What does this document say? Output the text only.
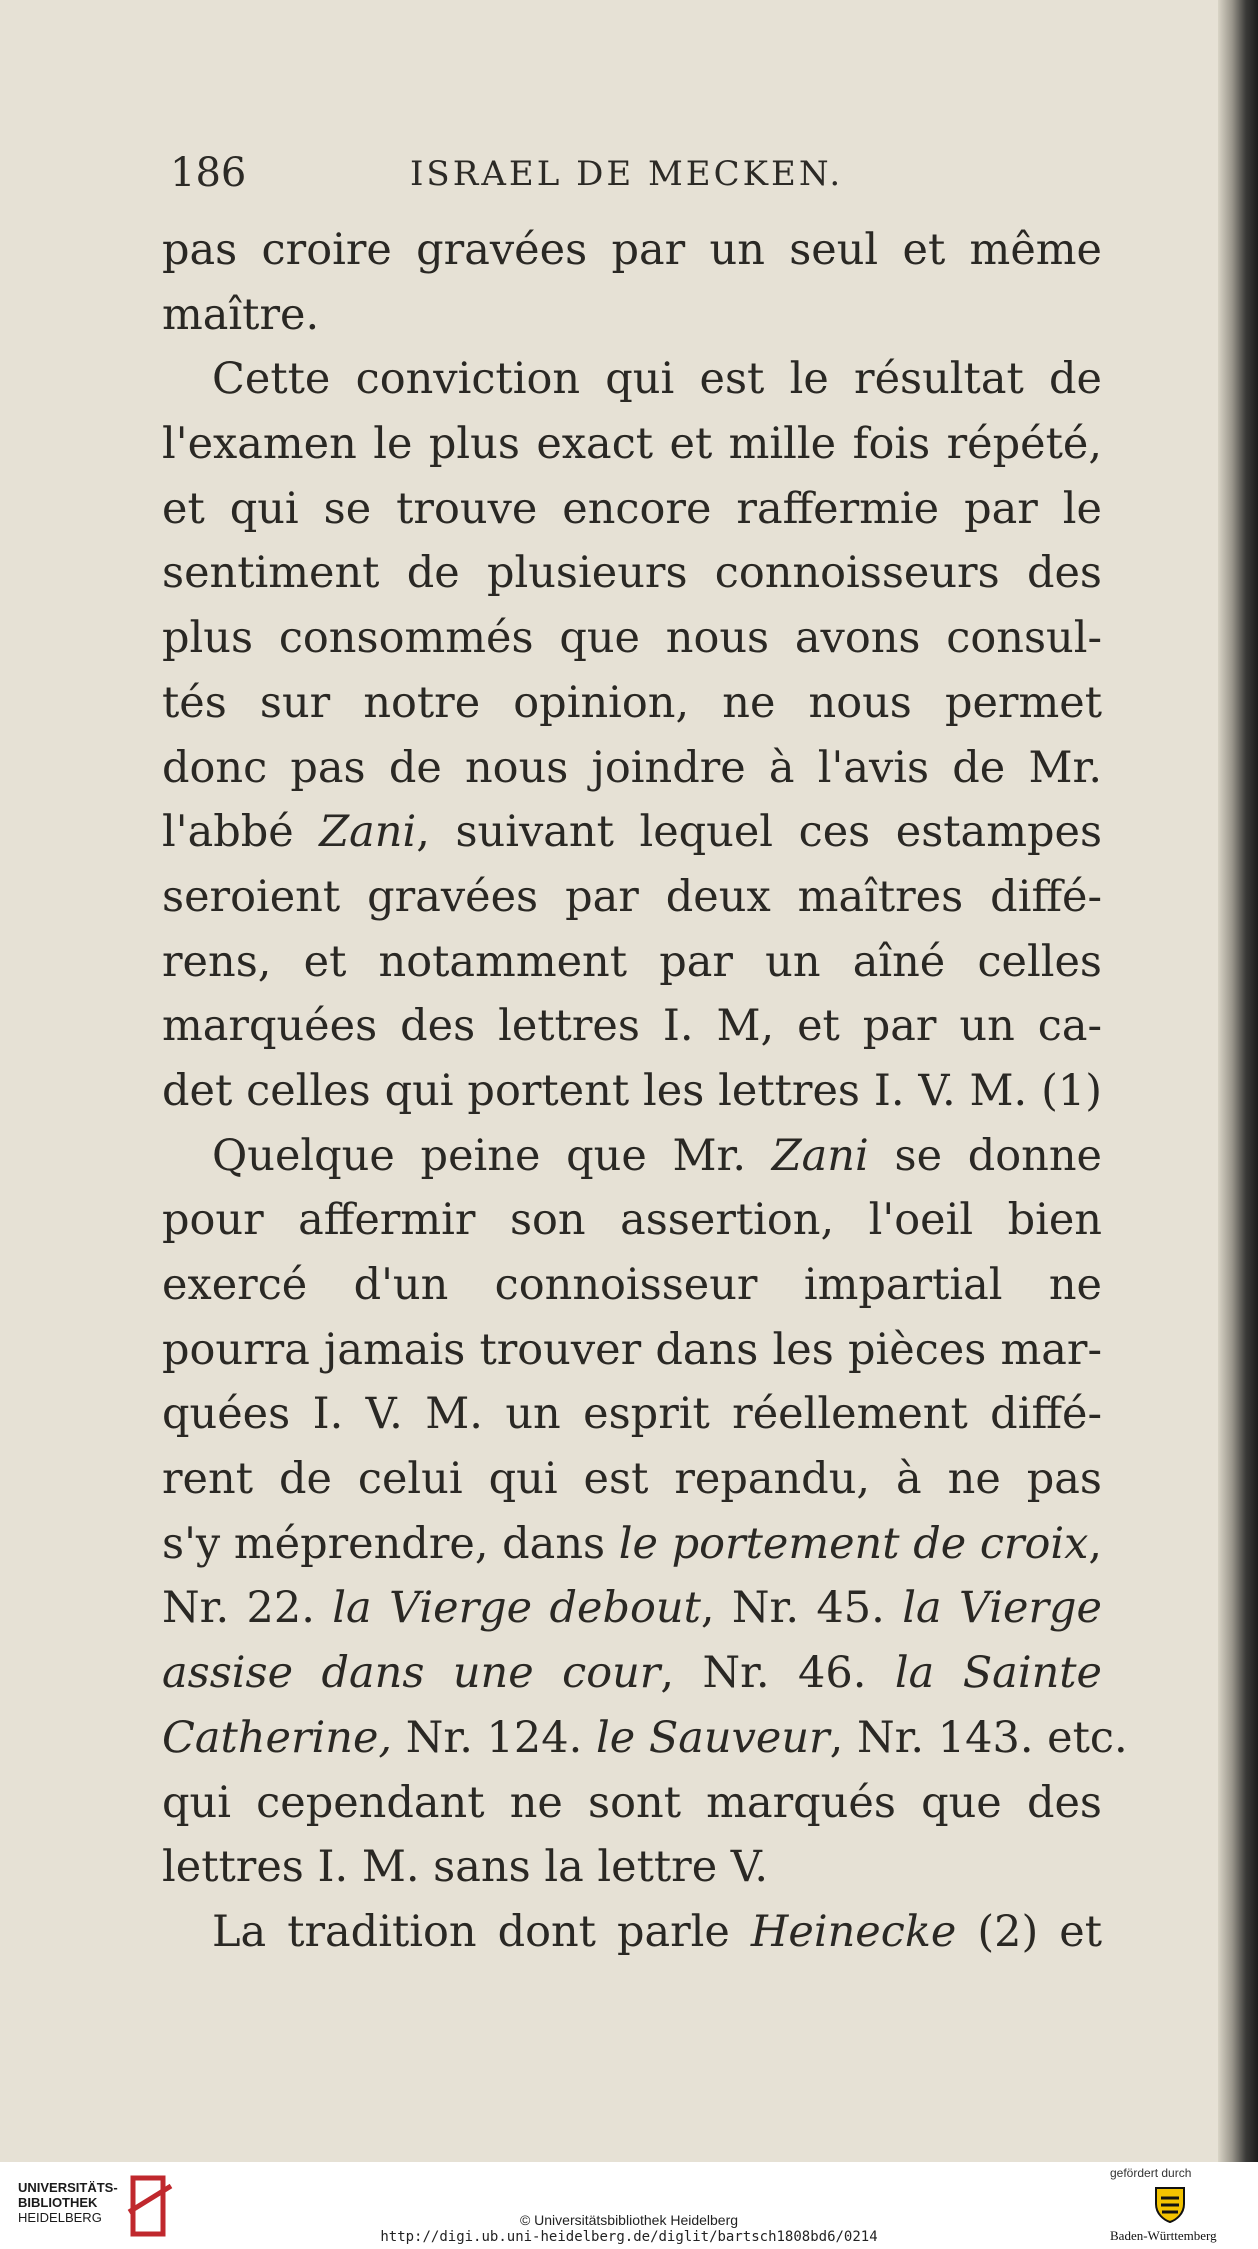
186	ISRAEL DE MECKEN.
pas croire gravées par un seul et même
maître.
Cette conviction qui est le résultat de
l'examen le plus exact et mille fois répété,
et qui se trouve encore raffermie par le
sentiment de plusieurs connoisseurs des
plus consommés que nous avons consul-
tés sur notre opinion, ne nous permet
donc pas de nous joindre à l'avis de Mr.
l'abbé Zani, suivant lequel ces estampes
seroient gravées par deux maîtres diffé-
rens, et notamment par un aîné celles
marquées des lettres I. M, et par un ca-
det celles qui portent les lettres I. V. M. (1)
Quelque peine que Mr. Zani se donne
pour affermir son assertion, l'oeil bien
exercé d'un connoisseur impartial ne
pourra jamais trouver dans les pièces mar-
quées I. V. M. un esprit réellement diffé-
rent de celui qui est repandu, à ne pas
s'y méprendre, dans le portement de croix,
Nr. 22. la Vierge debout, Nr. 45. la Vierge
assise dans une cour, Nr. 46. la Sainte
Catherine, Nr. 124. le Sauveur, Nr. 143. etc.
qui cependant ne sont marqués que des
lettres I. M. sans la lettre V.
La tradition dont parle Heinecke (2) et
UNIVERSITÄTS-
BIBLIOTHEK
HEIDELBERG	© Universitätsbibliothek Heidelberg
http://digi.ub.uni-heidelberg.de/diglit/bartsch1808bd6/0214
gefördert durch
Baden-Württemberg
